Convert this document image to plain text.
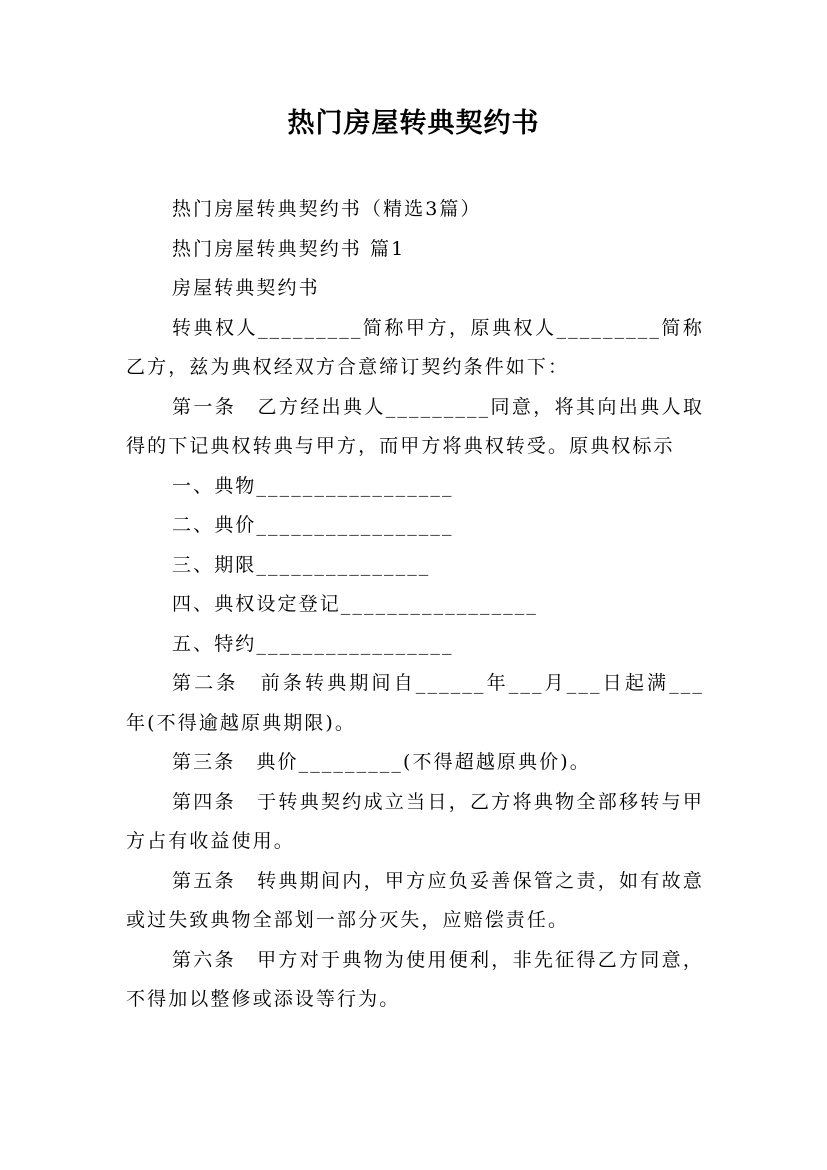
热门房屋转典契约书

热门房屋转典契约书（精选3篇）

热门房屋转典契约书 篇1

房屋转典契约书

转典权人_________简称甲方，原典权人_________简称乙方，兹为典权经双方合意缔订契约条件如下：

第一条　乙方经出典人_________同意，将其向出典人取得的下记典权转典与甲方，而甲方将典权转受。原典权标示

一、典物_________________

二、典价_________________

三、期限_______________

四、典权设定登记_________________

五、特约_________________

第二条　前条转典期间自______年___月___日起满___年(不得逾越原典期限)。

第三条　典价_________(不得超越原典价)。

第四条　于转典契约成立当日，乙方将典物全部移转与甲方占有收益使用。

第五条　转典期间内，甲方应负妥善保管之责，如有故意或过失致典物全部划一部分灭失，应赔偿责任。

第六条　甲方对于典物为使用便利，非先征得乙方同意，不得加以整修或添设等行为。
